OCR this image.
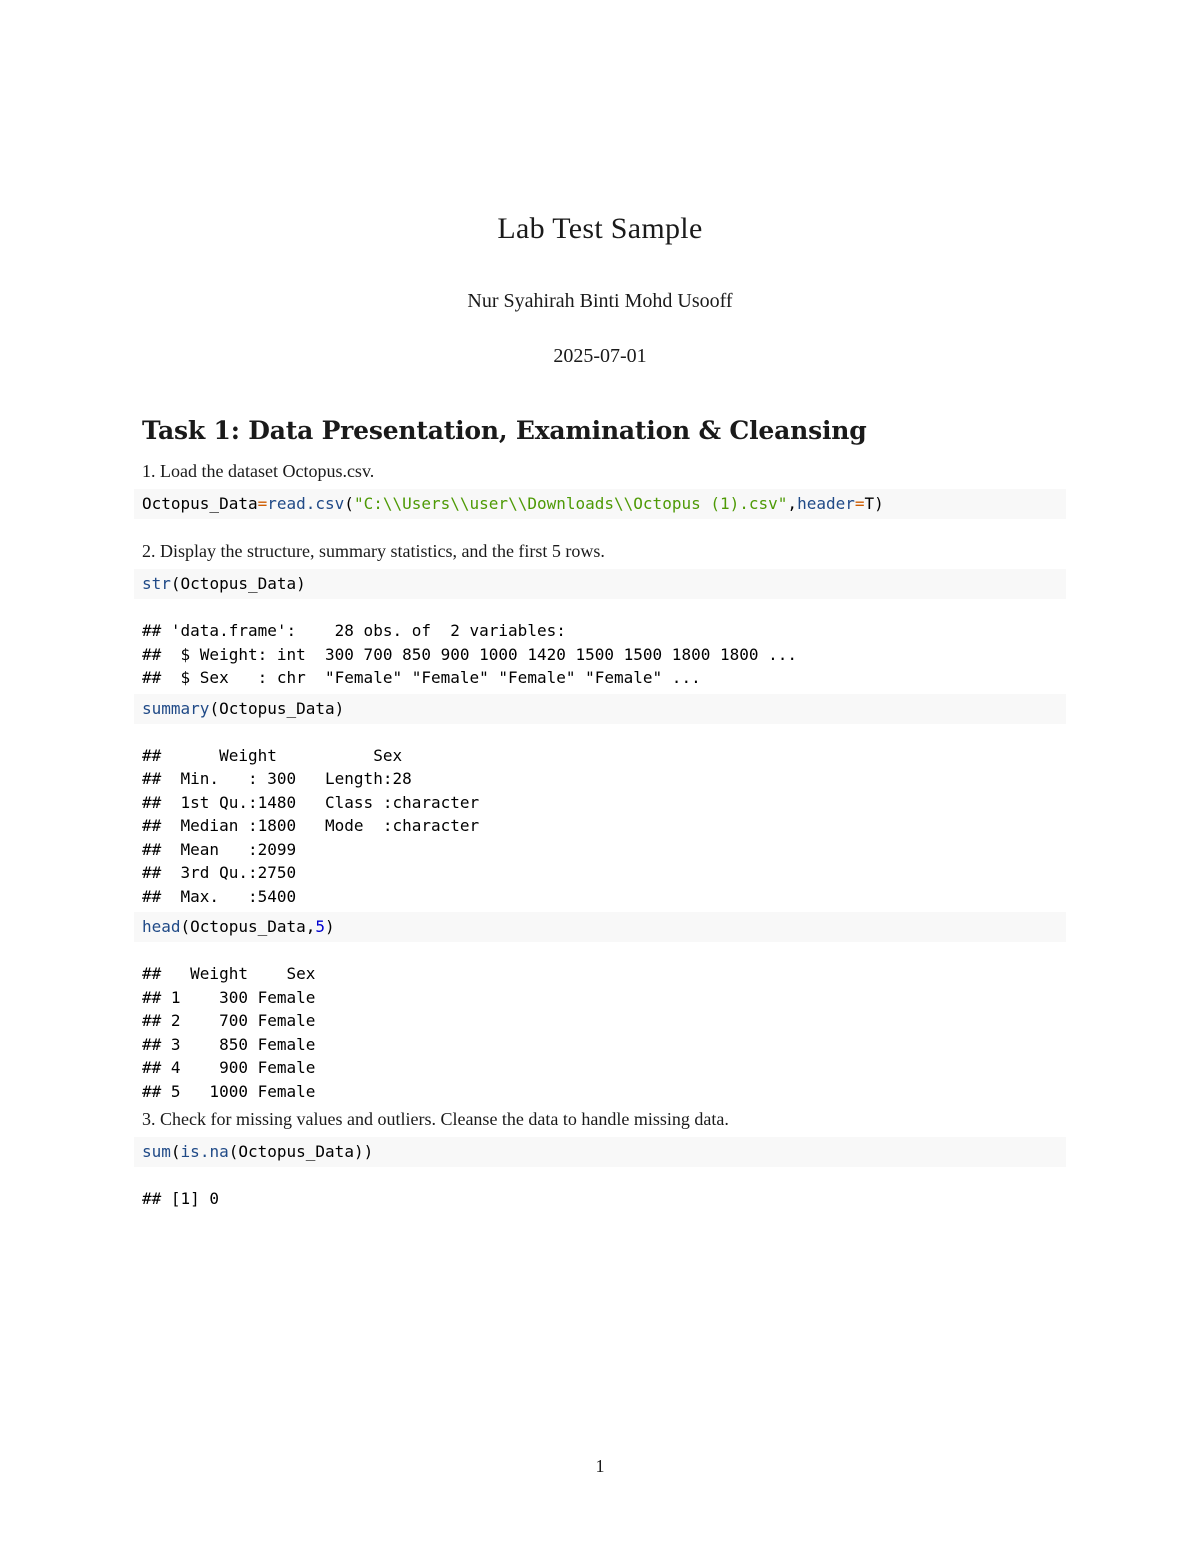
Lab Test Sample
Nur Syahirah Binti Mohd Usooff
2025-07-01
Task 1: Data Presentation, Examination & Cleansing

1. Load the dataset Octopus.csv.

Octopus_Data=read.csv("C:\\Users\\user\\Downloads\\Octopus (1).csv",header=T)

2. Display the structure, summary statistics, and the first 5 rows.

str(Octopus_Data)
## 'data.frame':    28 obs. of  2 variables:
##  $ Weight: int  300 700 850 900 1000 1420 1500 1500 1800 1800 ...
##  $ Sex   : chr  "Female" "Female" "Female" "Female" ...
summary(Octopus_Data)
##      Weight          Sex
##  Min.   : 300   Length:28
##  1st Qu.:1480   Class :character
##  Median :1800   Mode  :character
##  Mean   :2099
##  3rd Qu.:2750
##  Max.   :5400
head(Octopus_Data,5)
##   Weight    Sex
## 1    300 Female
## 2    700 Female
## 3    850 Female
## 4    900 Female
## 5   1000 Female

3. Check for missing values and outliers. Cleanse the data to handle missing data.

sum(is.na(Octopus_Data))
## [1] 0
1
